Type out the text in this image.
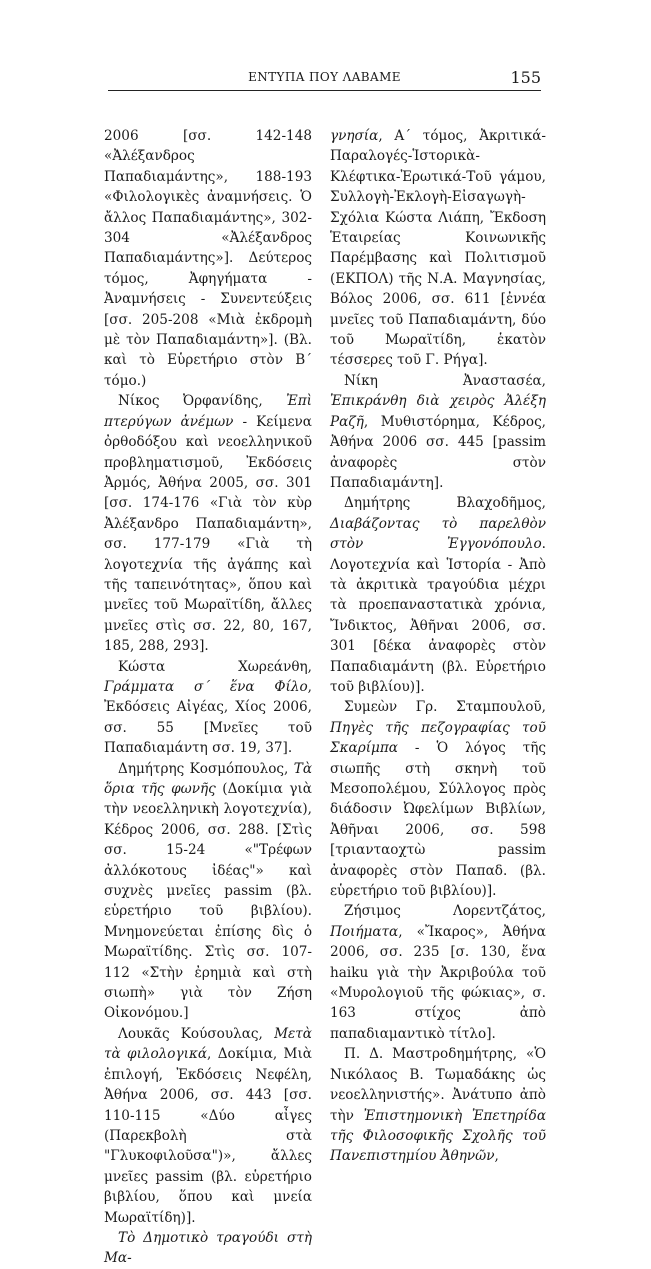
ΕΝΤΥΠΑ ΠΟΥ ΛΑΒΑΜΕ	155

2006 [σσ. 142-148 «Ἀλέξανδρος Παπαδιαμάντης», 188-193 «Φιλολογικὲς ἀναμνήσεις. Ὁ ἄλλος Παπαδιαμάντης», 302-304 «Ἀλέξανδρος Παπαδιαμάντης»]. Δεύτερος τόμος, Ἀφηγήματα - Ἀναμνήσεις - Συνεντεύξεις [σσ. 205-208 «Μιὰ ἐκδρομὴ μὲ τὸν Παπαδιαμάντη»]. (Βλ. καὶ τὸ Εὑρετήριο στὸν Β΄ τόμο.)

Νίκος Ὀρφανίδης, Ἐπὶ πτερύγων ἀνέμων - Κείμενα ὀρθοδόξου καὶ νεοελληνικοῦ προβληματισμοῦ, Ἐκδόσεις Ἀρμός, Ἀθήνα 2005, σσ. 301 [σσ. 174-176 «Γιὰ τὸν κὺρ Ἀλέξανδρο Παπαδιαμάντη», σσ. 177-179 «Γιὰ τὴ λογοτεχνία τῆς ἀγάπης καὶ τῆς ταπεινότητας», ὅπου καὶ μνεῖες τοῦ Μωραϊτίδη, ἄλλες μνεῖες στὶς σσ. 22, 80, 167, 185, 288, 293].

Κώστα Χωρεάνθη, Γράμματα σ΄ ἕνα Φίλο, Ἐκδόσεις Αἰγέας, Χίος 2006, σσ. 55 [Μνεῖες τοῦ Παπαδιαμάντη σσ. 19, 37].

Δημήτρης Κοσμόπουλος, Τὰ ὅρια τῆς φωνῆς (Δοκίμια γιὰ τὴν νεοελληνικὴ λογοτεχνία), Κέδρος 2006, σσ. 288. [Στὶς σσ. 15-24 «"Τρέφων ἀλλόκοτους ἰδέας"» καὶ συχνὲς μνεῖες passim (βλ. εὑρετήριο τοῦ βιβλίου). Μνημονεύεται ἐπίσης δὶς ὁ Μωραϊτίδης. Στὶς σσ. 107-112 «Στὴν ἐρημιὰ καὶ στὴ σιωπὴ» γιὰ τὸν Ζήση Οἰκονόμου.]

Λουκᾶς Κούσουλας, Μετὰ τὰ φιλολογικά, Δοκίμια, Μιὰ ἐπιλογή, Ἐκδόσεις Νεφέλη, Ἀθήνα 2006, σσ. 443 [σσ. 110-115 «Δύο αἶγες (Παρεκβολὴ στὰ "Γλυκοφιλοῦσα")», ἄλλες μνεῖες passim (βλ. εὑρετήριο βιβλίου, ὅπου καὶ μνεία Μωραϊτίδη)].

Τὸ Δημοτικὸ τραγούδι στὴ Μα-

γνησία, Α΄ τόμος, Ἀκριτικά-Παραλογές-Ἱστορικὰ-Κλέφτικα-Ἐρωτικά-Τοῦ γάμου, Συλλογὴ-Ἐκλογὴ-Εἰσαγωγὴ-Σχόλια Κώστα Λιάπη, Ἔκδοση Ἑταιρείας Κοινωνικῆς Παρέμβασης καὶ Πολιτισμοῦ (ΕΚΠΟΛ) τῆς Ν.Α. Μαγνησίας, Βόλος 2006, σσ. 611 [ἐννέα μνεῖες τοῦ Παπαδιαμάντη, δύο τοῦ Μωραϊτίδη, ἑκατὸν τέσσερες τοῦ Γ. Ρήγα].

Νίκη Ἀναστασέα, Ἐπικράνθη διὰ χειρὸς Ἀλέξη Ραζῆ, Μυθιστόρημα, Κέδρος, Ἀθήνα 2006 σσ. 445 [passim ἀναφορὲς στὸν Παπαδιαμάντη].

Δημήτρης Βλαχοδῆμος, Διαβάζοντας τὸ παρελθὸν στὸν Ἐγγονόπουλο. Λογοτεχνία καὶ Ἱστορία - Ἀπὸ τὰ ἀκριτικὰ τραγούδια μέχρι τὰ προεπαναστατικὰ χρόνια, Ἴνδικτος, Ἀθῆναι 2006, σσ. 301 [δέκα ἀναφορὲς στὸν Παπαδιαμάντη (βλ. Εὑρετήριο τοῦ βιβλίου)].

Συμεὼν Γρ. Σταμπουλοῦ, Πηγὲς τῆς πεζογραφίας τοῦ Σκαρίμπα - Ὁ λόγος τῆς σιωπῆς στὴ σκηνὴ τοῦ Μεσοπολέμου, Σύλλογος πρὸς διάδοσιν Ὠφελίμων Βιβλίων, Ἀθῆναι 2006, σσ. 598 [τριανταοχτὼ passim ἀναφορὲς στὸν Παπαδ. (βλ. εὑρετήριο τοῦ βιβλίου)].

Ζήσιμος Λορεντζάτος, Ποιήματα, «Ἴκαρος», Ἀθήνα 2006, σσ. 235 [σ. 130, ἕνα haiku γιὰ τὴν Ἀκριβούλα τοῦ «Μυρολογιοῦ τῆς φώκιας», σ. 163 στίχος ἀπὸ παπαδιαμαντικὸ τίτλο].

Π. Δ. Μαστροδημήτρης, «Ὁ Νικόλαος Β. Τωμαδάκης ὡς νεοελληνιστής». Ἀνάτυπο ἀπὸ τὴν Ἐπιστημονικὴ Ἐπετηρίδα τῆς Φιλοσοφικῆς Σχολῆς τοῦ Πανεπιστημίου Ἀθηνῶν,
